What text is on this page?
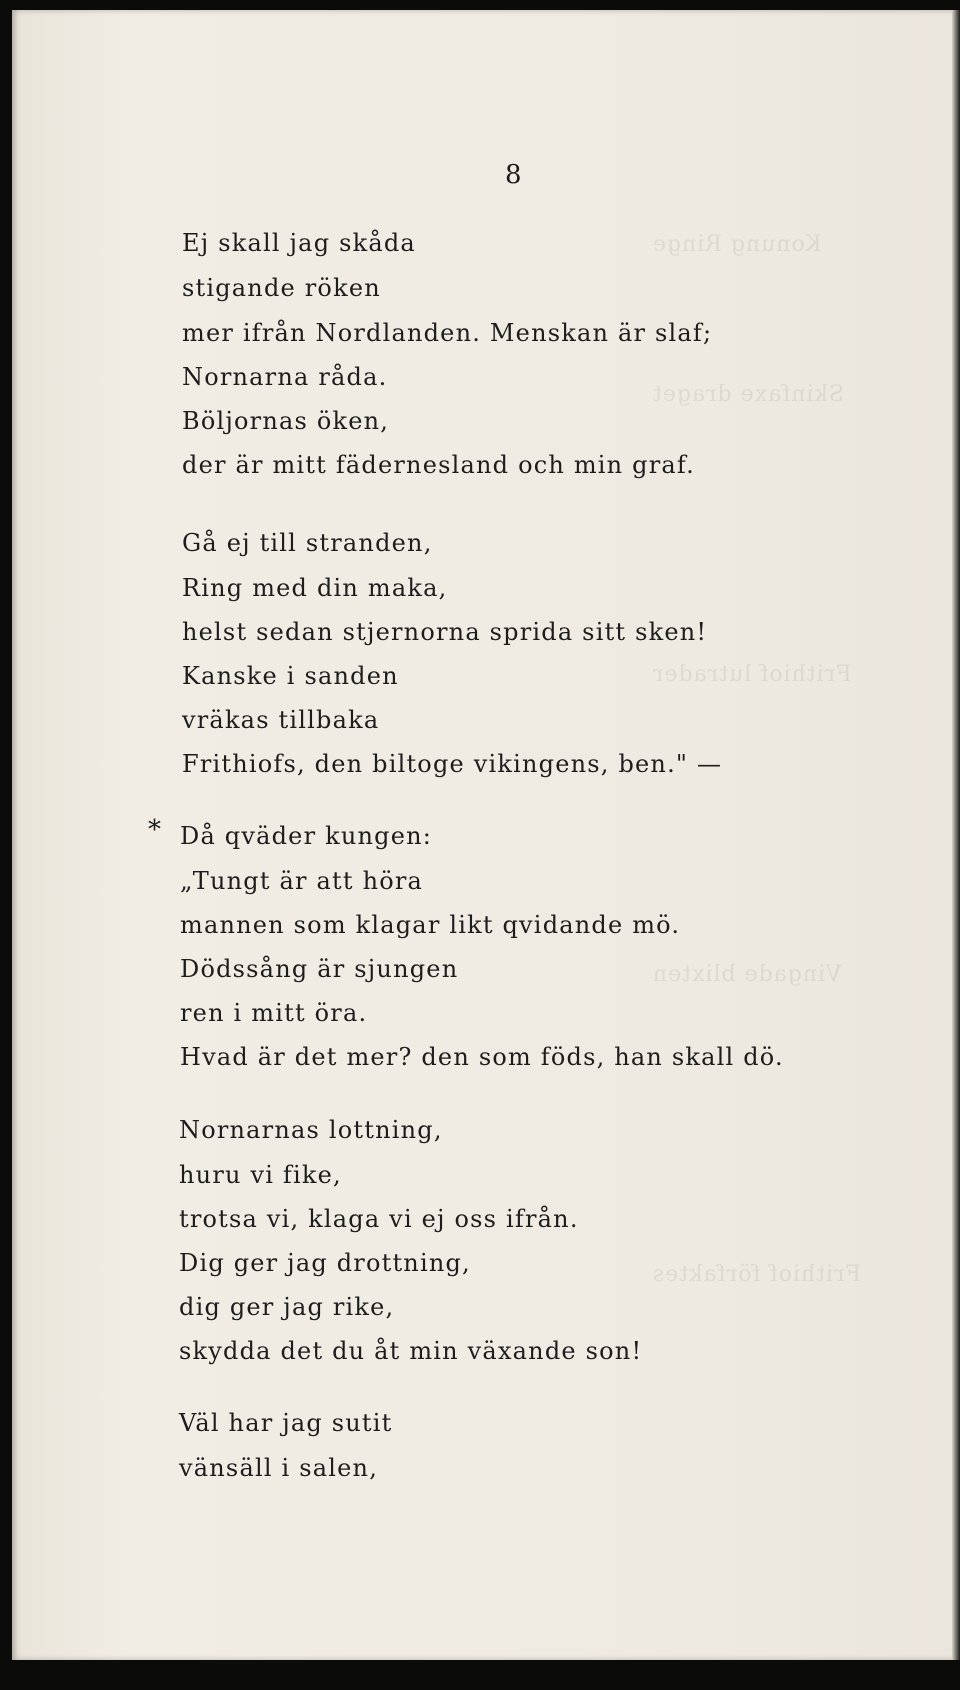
Konung Ringe
Skinfaxe draget
Frithiof lutrader
Vingade blixten
Frithiof förfaktes
8
*
Ej skall jag skåda
stigande röken
mer ifrån Nordlanden. Menskan är slaf;
Nornarna råda.
Böljornas öken,
der är mitt fädernesland och min graf.
Gå ej till stranden,
Ring med din maka,
helst sedan stjernorna sprida sitt sken!
Kanske i sanden
vräkas tillbaka
Frithiofs, den biltoge vikingens, ben." —
Då qväder kungen:
„Tungt är att höra
mannen som klagar likt qvidande mö.
Dödssång är sjungen
ren i mitt öra.
Hvad är det mer? den som föds, han skall dö.
Nornarnas lottning,
huru vi fike,
trotsa vi, klaga vi ej oss ifrån.
Dig ger jag drottning,
dig ger jag rike,
skydda det du åt min växande son!
Väl har jag sutit
vänsäll i salen,
